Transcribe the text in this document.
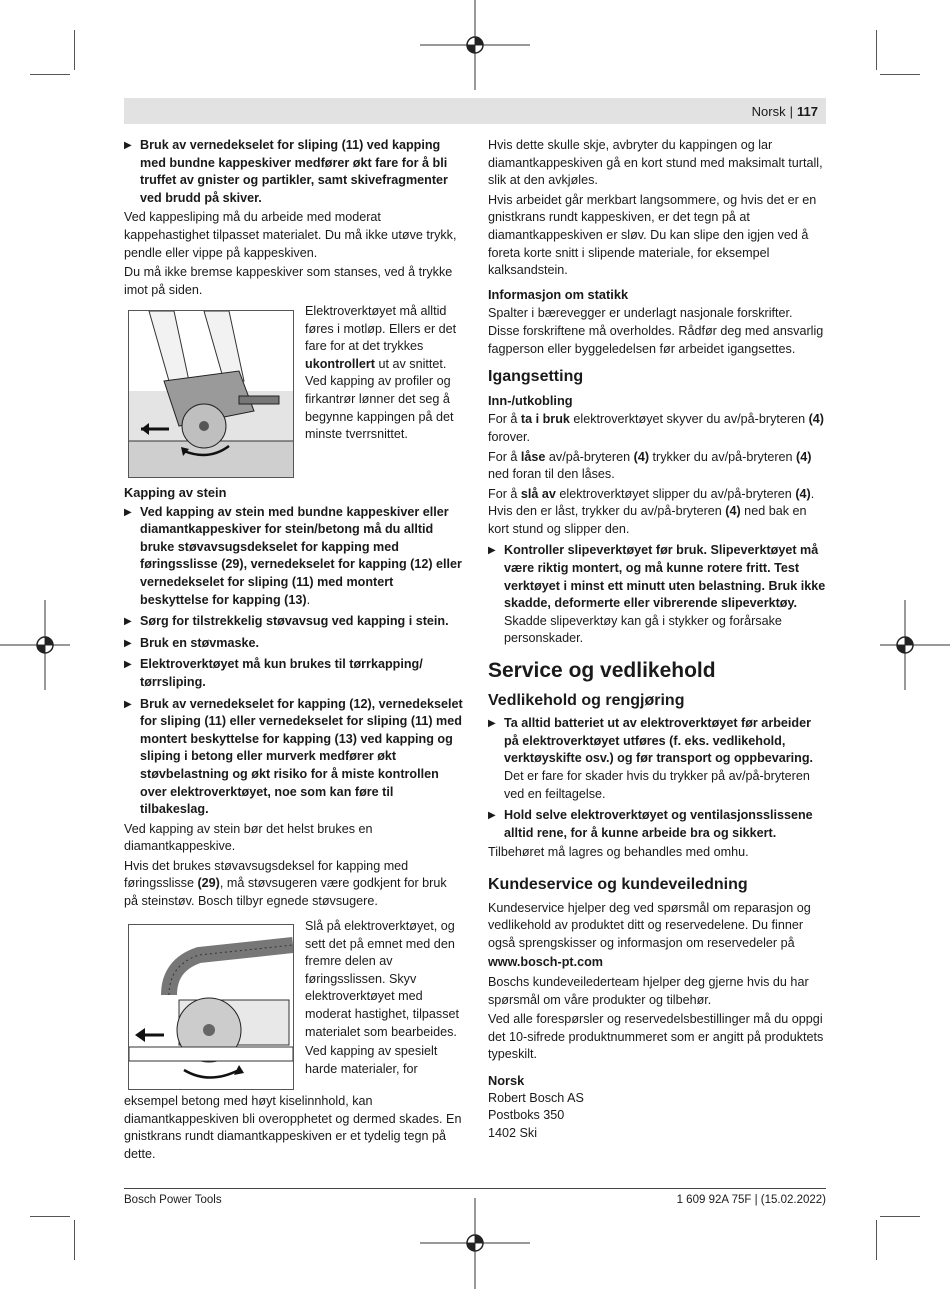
Norsk | 117
▶ Bruk av vernedekselet for sliping (11) ved kapping med bundne kappeskiver medfører økt fare for å bli truffet av gnister og partikler, samt skivefragmenter ved brudd på skiver.

Ved kappesliping må du arbeide med moderat kappehastighet tilpasset materialet. Du må ikke utøve trykk, pendle eller vippe på kappeskiven.

Du må ikke bremse kappeskiver som stanses, ved å trykke imot på siden.

Elektroverktøyet må alltid føres i motløp. Ellers er det fare for at det trykkes ukontrollert ut av snittet. Ved kapping av profiler og firkantrør lønner det seg å begynne kappingen på det minste tverrsnittet.

Kapping av stein
▶ Ved kapping av stein med bundne kappeskiver eller diamantkappeskiver for stein/betong må du alltid bruke støvavsugsdekselet for kapping med føringsslisse (29), vernedekselet for kapping (12) eller vernedekselet for sliping (11) med montert beskyttelse for kapping (13).
▶ Sørg for tilstrekkelig støvavsug ved kapping i stein.
▶ Bruk en støvmaske.
▶ Elektroverktøyet må kun brukes til tørrkapping/ tørrsliping.
▶ Bruk av vernedekselet for kapping (12), vernedekselet for sliping (11) eller vernedekselet for sliping (11) med montert beskyttelse for kapping (13) ved kapping og sliping i betong eller murverk medfører økt støvbelastning og økt risiko for å miste kontrollen over elektroverktøyet, noe som kan føre til tilbakeslag.

Ved kapping av stein bør det helst brukes en diamantkappeskive.

Hvis det brukes støvavsugsdeksel for kapping med føringsslisse (29), må støvsugeren være godkjent for bruk på steinstøv. Bosch tilbyr egnede støvsugere.

Slå på elektroverktøyet, og sett det på emnet med den fremre delen av føringsslissen. Skyv elektroverktøyet med moderat hastighet, tilpasset materialet som bearbeides.

Ved kapping av spesielt harde materialer, for

eksempel betong med høyt kiselinnhold, kan diamantkappeskiven bli overopphetet og dermed skades. En gnistkrans rundt diamantkappeskiven er et tydelig tegn på dette.

Hvis dette skulle skje, avbryter du kappingen og lar diamantkappeskiven gå en kort stund med maksimalt turtall, slik at den avkjøles.

Hvis arbeidet går merkbart langsommere, og hvis det er en gnistkrans rundt kappeskiven, er det tegn på at diamantkappeskiven er sløv. Du kan slipe den igjen ved å foreta korte snitt i slipende materiale, for eksempel kalksandstein.

Informasjon om statikk

Spalter i bærevegger er underlagt nasjonale forskrifter. Disse forskriftene må overholdes. Rådfør deg med ansvarlig fagperson eller byggeledelsen før arbeidet igangsettes.

Igangsetting
Inn-/utkobling

For å ta i bruk elektroverktøyet skyver du av/på-bryteren (4) forover.

For å låse av/på-bryteren (4) trykker du av/på-bryteren (4) ned foran til den låses.

For å slå av elektroverktøyet slipper du av/på-bryteren (4). Hvis den er låst, trykker du av/på-bryteren (4) ned bak en kort stund og slipper den.

▶ Kontroller slipeverktøyet før bruk. Slipeverktøyet må være riktig montert, og må kunne rotere fritt. Test verktøyet i minst ett minutt uten belastning. Bruk ikke skadde, deformerte eller vibrerende slipeverktøy. Skadde slipeverktøy kan gå i stykker og forårsake personskader.
Service og vedlikehold
Vedlikehold og rengjøring
▶ Ta alltid batteriet ut av elektroverktøyet før arbeider på elektroverktøyet utføres (f. eks. vedlikehold, verktøyskifte osv.) og før transport og oppbevaring. Det er fare for skader hvis du trykker på av/på-bryteren ved en feiltagelse.
▶ Hold selve elektroverktøyet og ventilasjonsslissene alltid rene, for å kunne arbeide bra og sikkert.

Tilbehøret må lagres og behandles med omhu.

Kundeservice og kundeveiledning

Kundeservice hjelper deg ved spørsmål om reparasjon og vedlikehold av produktet ditt og reservedelene. Du finner også sprengskisser og informasjon om reservedeler på

www.bosch-pt.com

Boschs kundeveilederteam hjelper deg gjerne hvis du har spørsmål om våre produkter og tilbehør.

Ved alle forespørsler og reservedelsbestillinger må du oppgi det 10-sifrede produktnummeret som er angitt på produktets typeskilt.

Norsk

Robert Bosch AS

Postboks 350

1402 Ski

Bosch Power Tools	1 609 92A 75F | (15.02.2022)
